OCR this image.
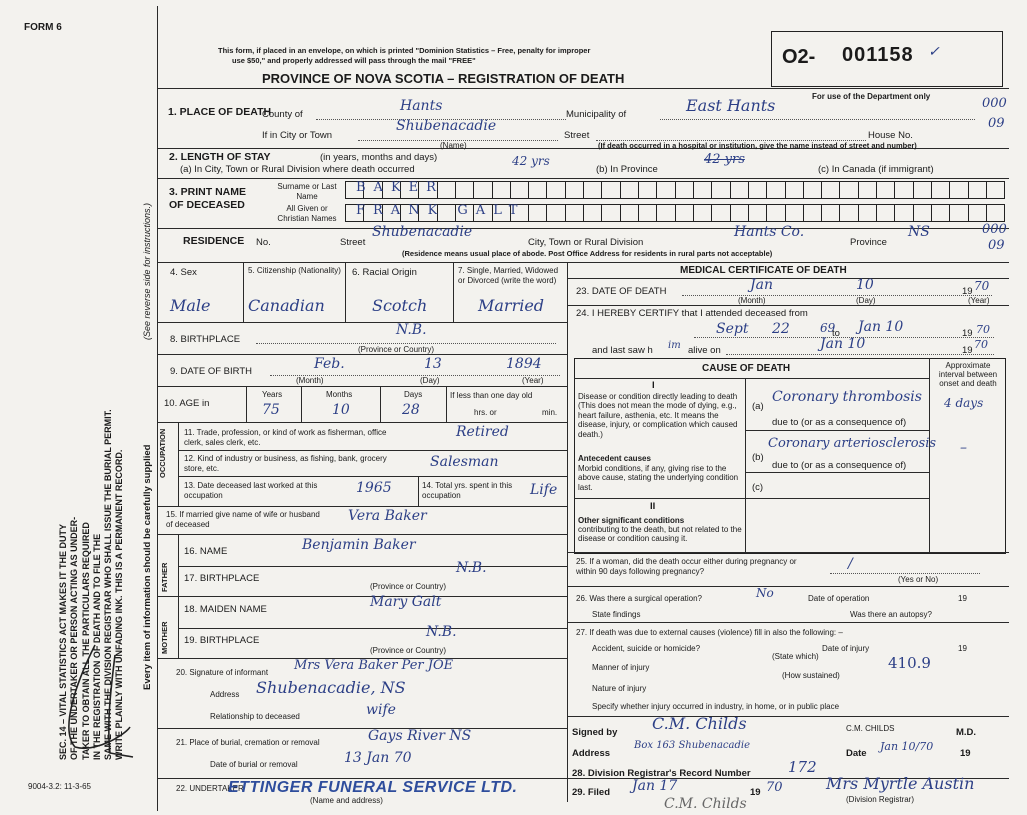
FORM 6
This form, if placed in an envelope, on which is printed "Dominion Statistics – Free, penalty for improper
use $50," and properly addressed will pass through the mail "FREE"
PROVINCE OF NOVA SCOTIA – REGISTRATION OF DEATH
O2- 001158 ✓
For use of the Department only
SEC. 14 – VITAL STATISTICS ACT MAKES IT THE DUTY OF THE UNDERTAKER OR PERSON ACTING AS UNDER- TAKER TO OBTAIN ALL THE PARTICULARS REQUIRED IN THE REGISTRATION OF DEATH AND TO FILE THE SAME WITH THE DIVISION REGISTRAR WHO SHALL ISSUE THE BURIAL PERMIT. WRITE PLAINLY WITH UNFADING INK. THIS IS A PERMANENT RECORD.
(See reverse side for instructions.)
Every item of information should be carefully supplied
1. PLACE OF DEATH
County of
Hants
Municipality of	East Hants	000
If in City or Town
Shubenacadie
Street	House No.
09
(Name)	(If death occurred in a hospital or institution, give the name instead of street and number)
2. LENGTH OF STAY	(in years, months and days)
(a) In City, Town or Rural Division where death occurred
42 yrs
(b) In Province
42 yrs
(c) In Canada (if immigrant)
3. PRINT NAME OF DECEASED
Surname or Last Name
All Given or Christian Names
BAKER
FRANK GALT
RESIDENCE No.	Street
Shubenacadie
City, Town or Rural Division
Hants Co.
Province
NS	000
09
(Residence means usual place of abode. Post Office Address for residents in rural parts not acceptable)
4. Sex
Male
5. Citizenship (Nationality)
Canadian
6. Racial Origin
Scotch
7. Single, Married, Widowed or Divorced (write the word)
Married
8. BIRTHPLACE
N.B.
(Province or Country)
9. DATE OF BIRTH	Feb.	13	1894
(Month)	(Day)	(Year)
10. AGE in
Years
75
Months
10
Days
28
If less than one day old
hrs. or	min.
OCCUPATION 11. Trade, profession, or kind of work as fisherman, office clerk, sales clerk, etc.
Retired
12. Kind of industry or business, as fishing, bank, grocery store, etc.	Salesman
13. Date deceased last worked at this occupation	1965	14. Total yrs. spent in this occupation	Life
15. If married give name of wife or husband of deceased
Vera Baker
FATHER
16. NAME	Benjamin Baker
17. BIRTHPLACE
N.B.
(Province or Country)
MOTHER
18. MAIDEN NAME	Mary Galt
19. BIRTHPLACE
N.B.
(Province or Country)
20. Signature of informant Mrs Vera Baker Per JOE
Address Shubenacadie, NS
Relationship to deceased	wife
21. Place of burial, cremation or removal	Gays River NS
Date of burial or removal	13 Jan 70
22. UNDERTAKER
ETTINGER FUNERAL SERVICE LTD.
(Name and address)
9004-3.2: 11-3-65
MEDICAL CERTIFICATE OF DEATH
23. DATE OF DEATH	Jan	10	19 70
(Month)	(Day)	(Year)
24. I HEREBY CERTIFY that I attended deceased from
Sept 22	69
to Jan 10	19 70
and last saw h im alive on	Jan 10	19 70
CAUSE OF DEATH	Approximate interval between onset and death
I
Disease or condition directly leading to death (This does not mean the mode of dying, e.g., heart failure, asthenia, etc. It means the disease, injury, or complication which caused death.)
(a)
Coronary thrombosis
due to (or as a consequence of)
4 days
Antecedent causes
Morbid conditions, if any, giving rise to the above cause, stating the underlying condition last.
(b)
Coronary arteriosclerosis
due to (or as a consequence of)
–
(c)
II
Other significant conditions
contributing to the death, but not related to the disease or condition causing it.
25. If a woman, did the death occur either during pregnancy or within 90 days following pregnancy?	/
(Yes or No)
26. Was there a surgical operation?	No	Date of operation	19
State findings	Was there an autopsy?
27. If death was due to external causes (violence) fill in also the following: –
Accident, suicide or homicide?
(State which)
Date of injury	19
Manner of injury	410.9
(How sustained)
Nature of injury
Specify whether injury occurred in industry, in home, or in public place
Signed by C.M. Childs	C.M. CHILDS	M.D.
Address
Box 163 Shubenacadie
Date
Jan 10/70
19
28. Division Registrar's Record Number 172
29. Filed Jan 17	19 70	Mrs Myrtle Austin
(Division Registrar)
C.M. Childs
